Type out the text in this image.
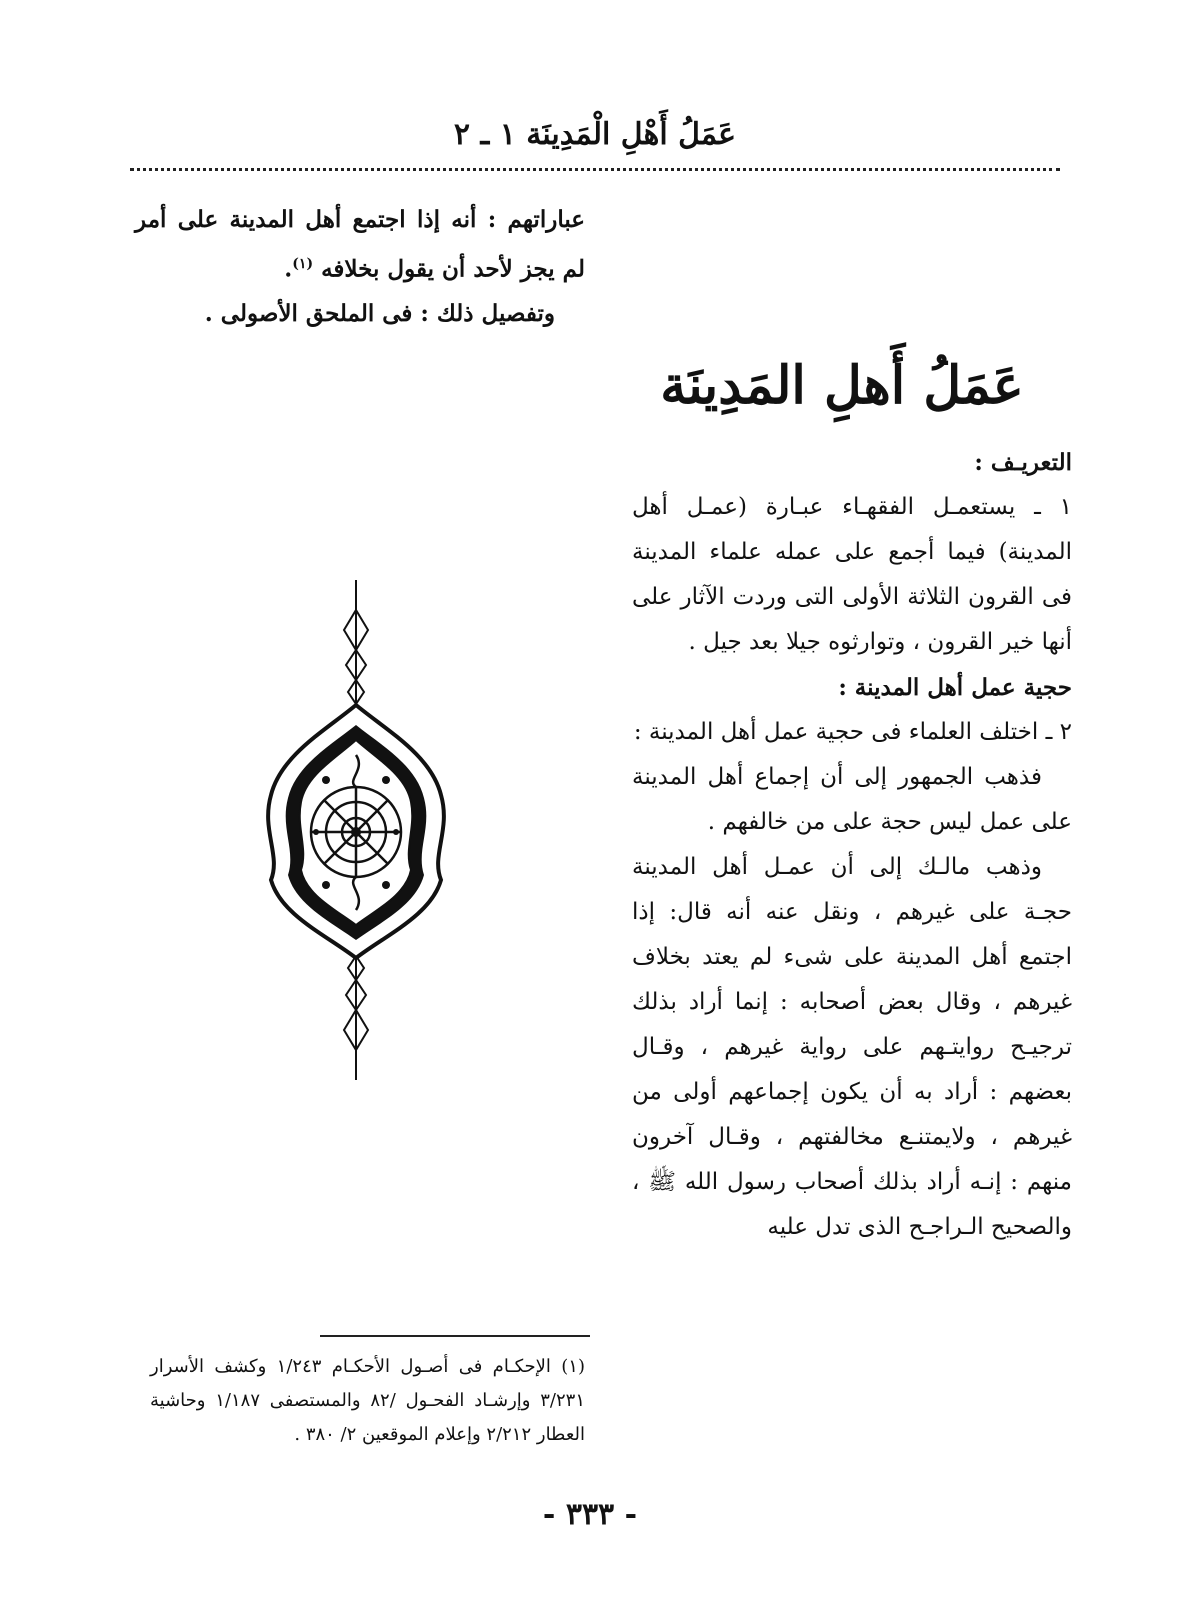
عَمَلُ أَهْلِ الْمَدِينَة ١ ـ ٢

عباراتهم : أنه إذا اجتمع أهل المدينة على أمر لم يجز لأحد أن يقول بخلافه $^{(١)}$.

وتفصيل ذلك : فى الملحق الأصولى .

عَمَلُ أَهلِ المَدِينَة

التعريـف :

١ ـ يستعمـل الفقهـاء عبـارة (عمـل أهل المدينة) فيما أجمع على عمله علماء المدينة فى القرون الثلاثة الأولى التى وردت الآثار على أنها خير القرون ، وتوارثوه جيلا بعد جيل .

حجية عمل أهل المدينة :

٢ ـ اختلف العلماء فى حجية عمل أهل المدينة :

فذهب الجمهور إلى أن إجماع أهل المدينة على عمل ليس حجة على من خالفهم .

وذهب مالـك إلى أن عمـل أهل المدينة حجـة على غيرهم ، ونقل عنه أنه قال: إذا اجتمع أهل المدينة على شىء لم يعتد بخلاف غيرهم ، وقال بعض أصحابه : إنما أراد بذلك ترجيـح روايتـهم على رواية غيرهم ، وقـال بعضهم : أراد به أن يكون إجماعهم أولى من غيرهم ، ولايمتنـع مخالفتهم ، وقـال آخرون منهم : إنـه أراد بذلك أصحاب رسول الله ﷺ ، والصحيح الـراجـح الذى تدل عليه

(١) الإحكـام فى أصـول الأحكـام ١/٢٤٣ وكشف الأسرار ٣/٢٣١ وإرشـاد الفحـول /٨٢ والمستصفى ١/١٨٧ وحاشية العطار ٢/٢١٢ وإعلام الموقعين ٢/ ٣٨٠ .
- ٣٣٣ -
